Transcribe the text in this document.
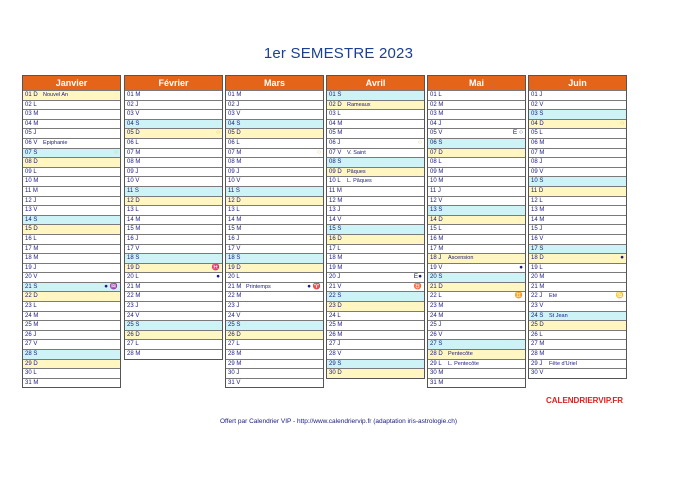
1er SEMESTRE 2023
Janvier
01 D Nouvel An
02 L
03 M
04 M
05 J
06 V Epiphanie
07 S	○
08 D
09 L
10 M
11 M
12 J
13 V
14 S
15 D
16 L
17 M
18 M
19 J
20 V
21 S	● ♒
22 D
23 L
24 M
25 M
26 J
27 V
28 S
29 D
30 L
31 M
Février
01 M
02 J
03 V
04 S
05 D	○
06 L
07 M
08 M
09 J
10 V
11 S
12 D
13 L
14 M
15 M
16 J
17 V
18 S
19 D	♓
20 L	●
21 M
22 M
23 J
24 V
25 S
26 D
27 L
28 M
Mars
01 M
02 J
03 V
04 S
05 D
06 L
07 M	○
08 M
09 J
10 V
11 S
12 D
13 L
14 M
15 M
16 J
17 V
18 S
19 D
20 L
21 M Printemps	● ♈
22 M
23 J
24 V
25 S
26 D
27 L
28 M
29 M
30 J
31 V
Avril
01 S
02 D Rameaux
03 L
04 M
05 M
06 J	○
07 V V. Saint
08 S
09 D Pâques
10 L L. Pâques
11 M
12 M
13 J
14 V
15 S
16 D
17 L
18 M
19 M
20 J	E●
21 V	♉
22 S
23 D
24 L
25 M
26 M
27 J
28 V
29 S
30 D
Mai
01 L
02 M
03 M
04 J
05 V	E ○
06 S
07 D
08 L
09 M
10 M
11 J
12 V
13 S
14 D
15 L
16 M
17 M
18 J Ascension
19 V	●
20 S
21 D
22 L	♊
23 M
24 M
25 J
26 V
27 S
28 D Pentecôte
29 L L. Pentecôte
30 M
31 M
Juin
01 J
02 V
03 S
04 D	○
05 L
06 M
07 M
08 J
09 V
10 S
11 D
12 L
13 M
14 M
15 J
16 V
17 S
18 D	●
19 L
20 M
21 M
22 J Eté	♋
23 V
24 S St Jean
25 D
26 L
27 M
28 M
29 J Fête d'Uriel
30 V
CALENDRIERVIP.FR
Offert par Calendrier VIP - http://www.calendriervip.fr (adaptation iris-astrologie.ch)
